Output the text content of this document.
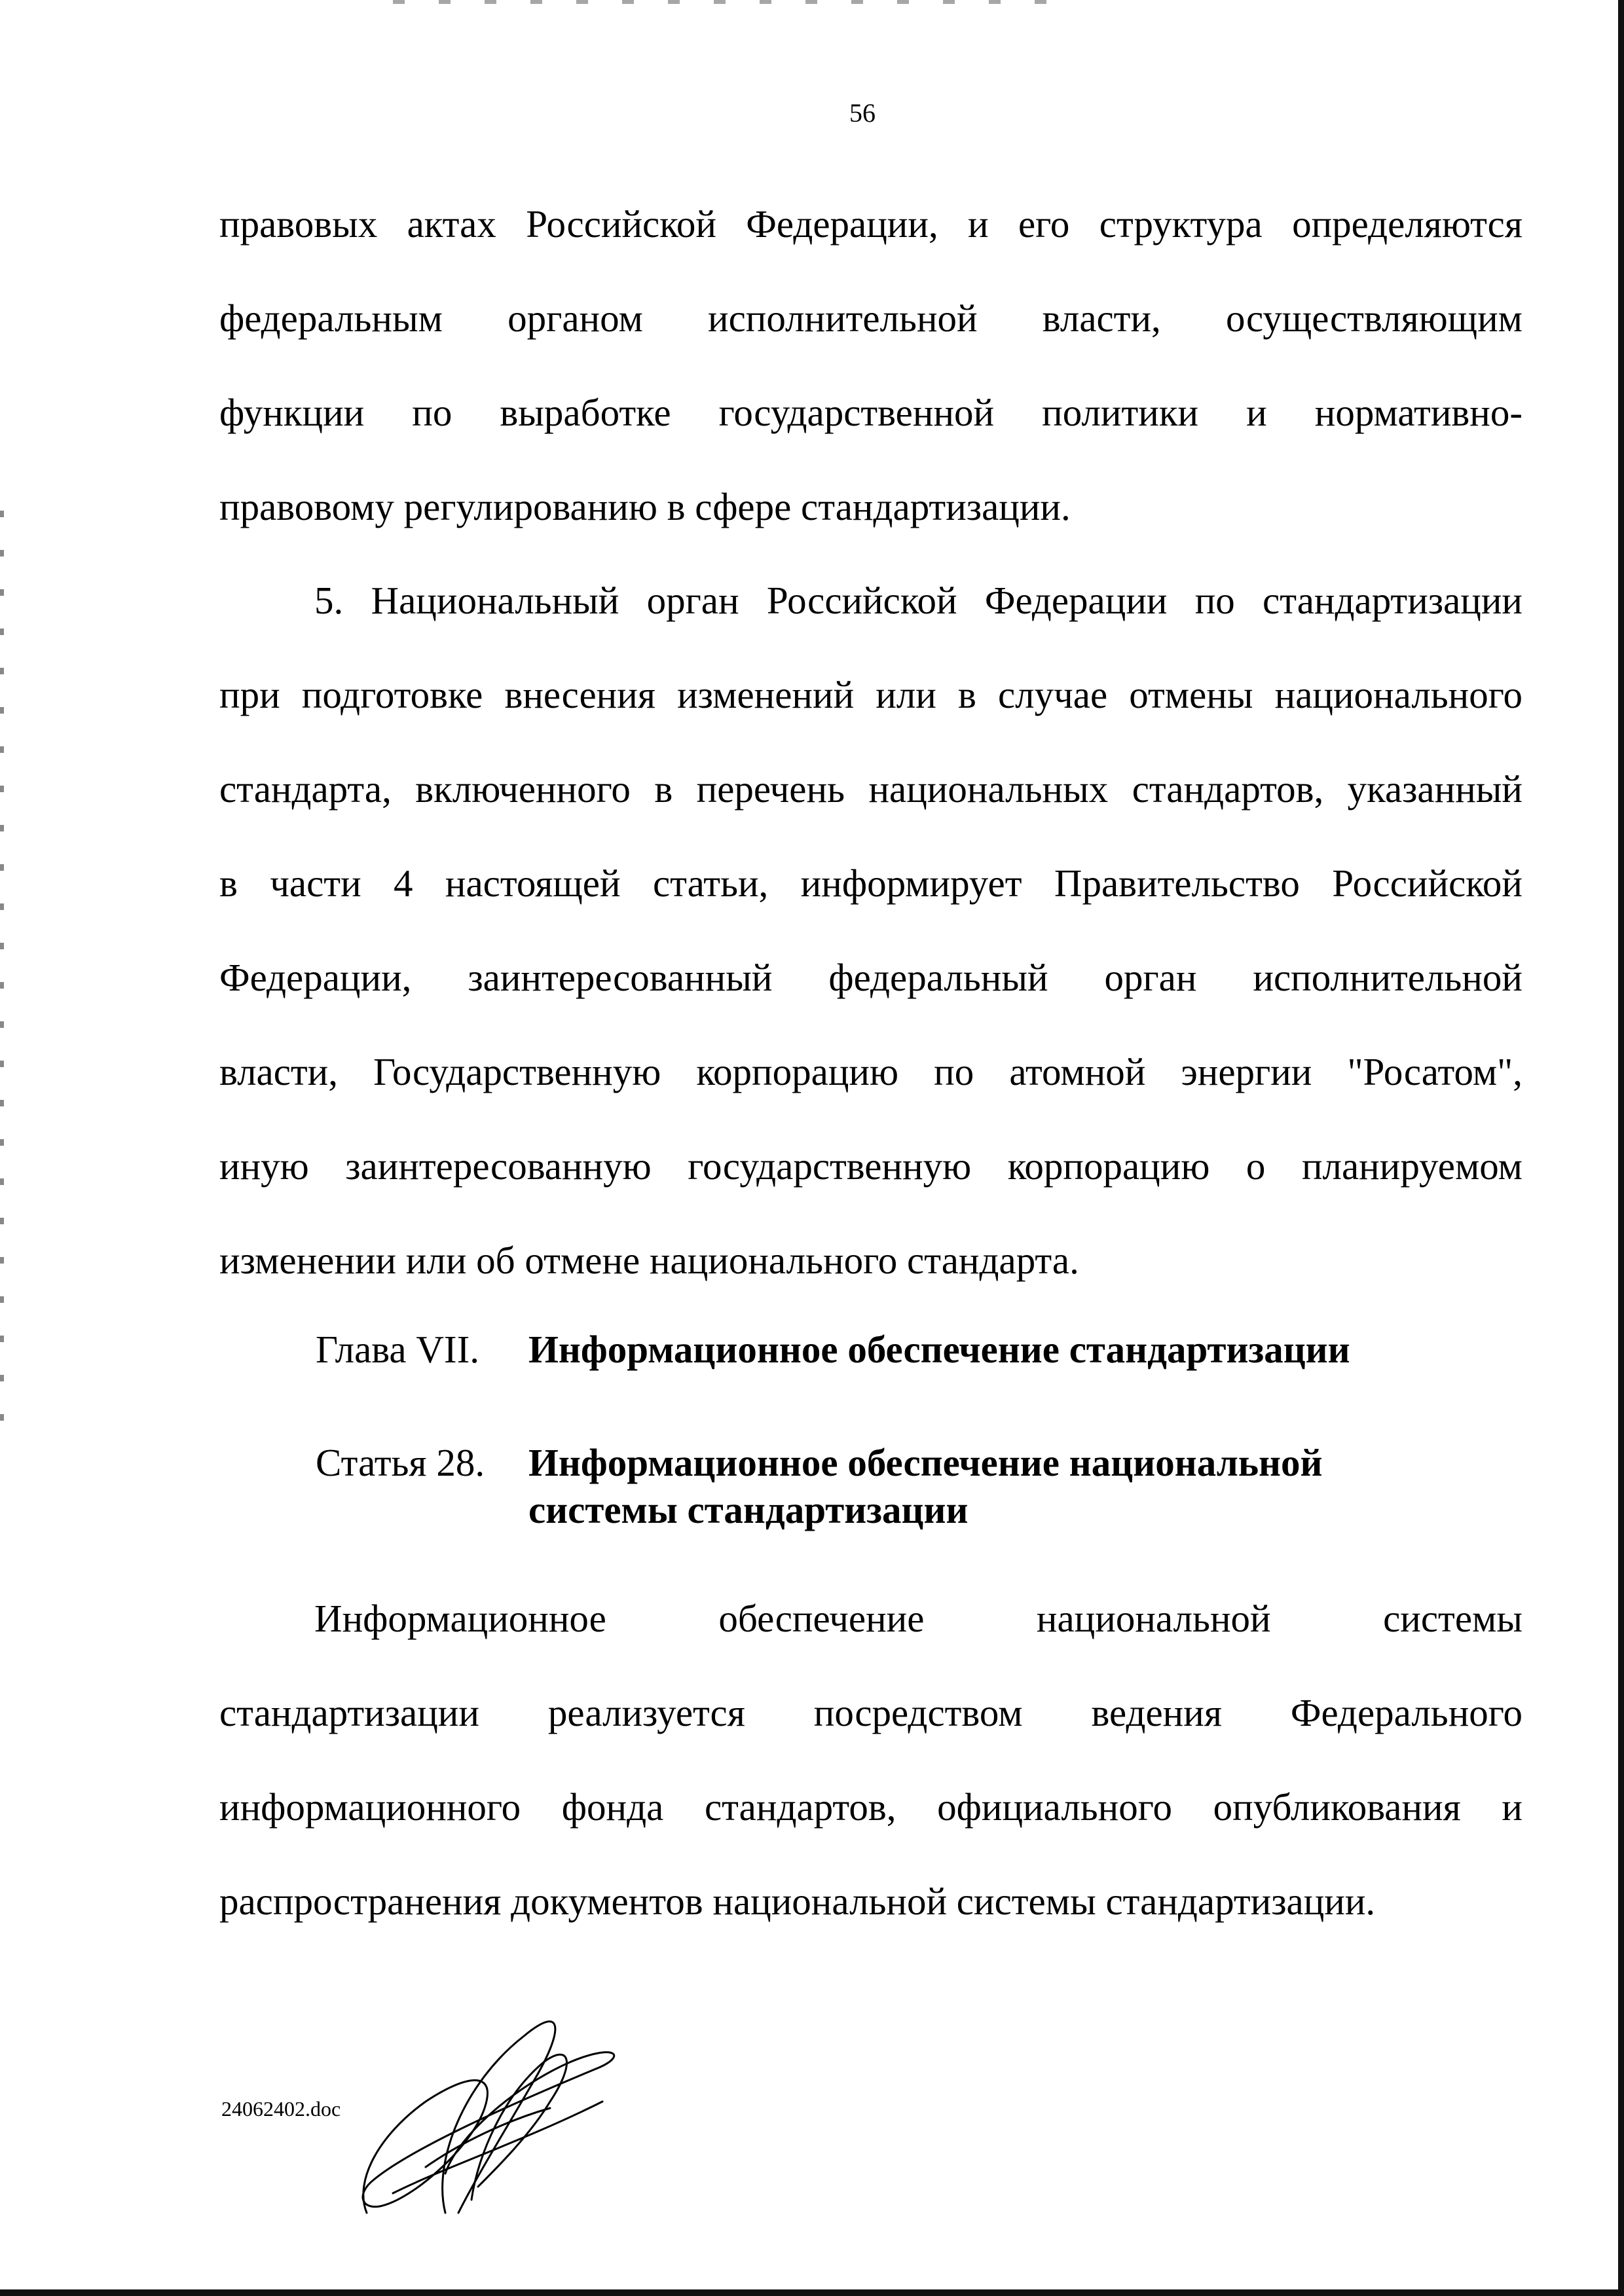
56
правовых актах Российской Федерации, и его структура определяются
федеральным органом исполнительной власти, осуществляющим
функции по выработке государственной политики и нормативно-
правовому регулированию в сфере стандартизации.
5. Национальный орган Российской Федерации по стандартизации
при подготовке внесения изменений или в случае отмены национального
стандарта, включенного в перечень национальных стандартов, указанный
в части 4 настоящей статьи, информирует Правительство Российской
Федерации, заинтересованный федеральный орган исполнительной
власти, Государственную корпорацию по атомной энергии "Росатом",
иную заинтересованную государственную корпорацию о планируемом
изменении или об отмене национального стандарта.
Глава VII. Информационное обеспечение стандартизации
Статья 28. Информационное обеспечение национальной
системы стандартизации
Информационное обеспечение национальной системы
стандартизации реализуется посредством ведения Федерального
информационного фонда стандартов, официального опубликования и
распространения документов национальной системы стандартизации.
24062402.doc
